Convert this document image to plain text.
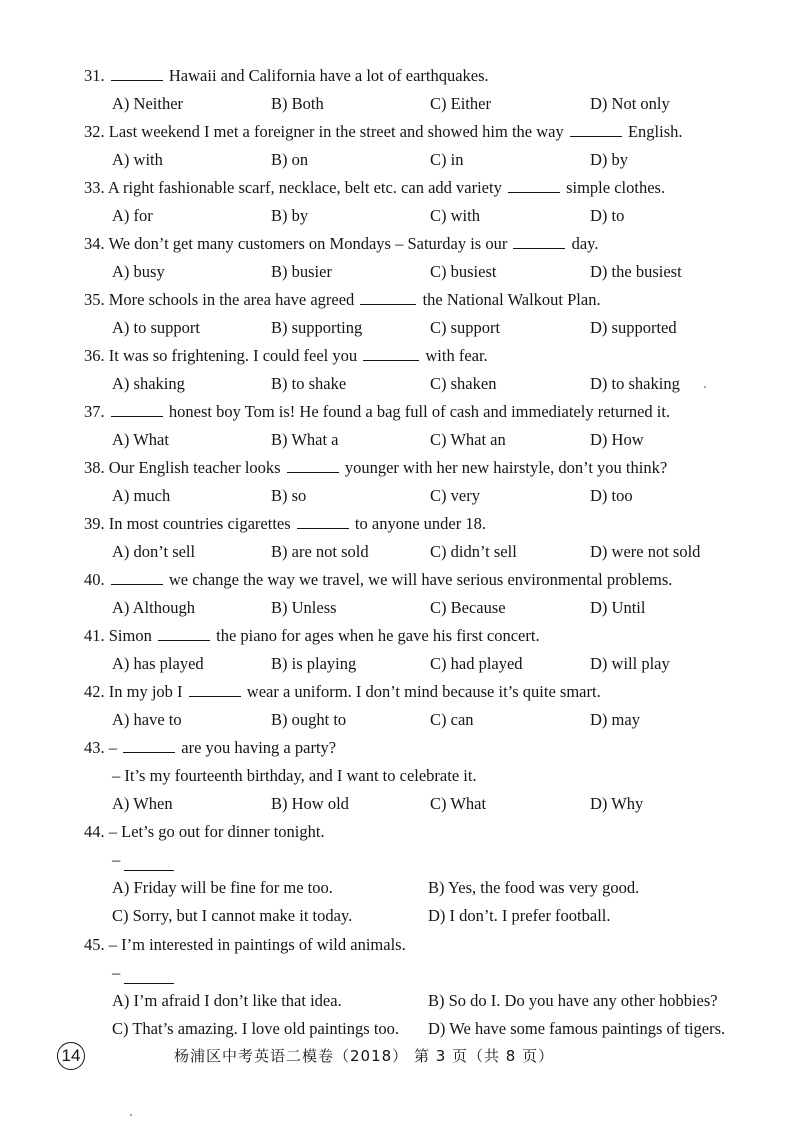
31.	Hawaii and California have a lot of earthquakes.
A) Neither	B) Both	C) Either	D) Not only
32. Last weekend I met a foreigner in the street and showed him the way	English.
A) with	B) on	C) in	D) by
33. A right fashionable scarf, necklace, belt etc. can add variety	simple clothes.
A) for	B) by	C) with	D) to
34. We don’t get many customers on Mondays – Saturday is our	day.
A) busy	B) busier	C) busiest	D) the busiest
35. More schools in the area have agreed	the National Walkout Plan.
A) to support	B) supporting	C) support	D) supported
36. It was so frightening. I could feel you	with fear.
A) shaking	B) to shake	C) shaken	D) to shaking
37.	honest boy Tom is! He found a bag full of cash and immediately returned it.
A) What	B) What a	C) What an	D) How
38. Our English teacher looks	younger with her new hairstyle, don’t you think?
A) much	B) so	C) very	D) too
39. In most countries cigarettes	to anyone under 18.
A) don’t sell	B) are not sold	C) didn’t sell	D) were not sold
40.	we change the way we travel, we will have serious environmental problems.
A) Although	B) Unless	C) Because	D) Until
41. Simon	the piano for ages when he gave his first concert.
A) has played	B) is playing	C) had played	D) will play
42. In my job I	wear a uniform. I don’t mind because it’s quite smart.
A) have to	B) ought to	C) can	D) may
43. –	are you having a party?
– It’s my fourteenth birthday, and I want to celebrate it.
A) When	B) How old	C) What	D) Why
44. – Let’s go out for dinner tonight.
–
A) Friday will be fine for me too.	B) Yes, the food was very good.
C) Sorry, but I cannot make it today.	D) I don’t. I prefer football.
45. – I’m interested in paintings of wild animals.
–
A) I’m afraid I don’t like that idea.	B) So do I. Do you have any other hobbies?
C) That’s amazing. I love old paintings too. D) We have some famous paintings of tigers.
14	杨浦区中考英语二模卷（2018） 第 3 页（共 8 页）
